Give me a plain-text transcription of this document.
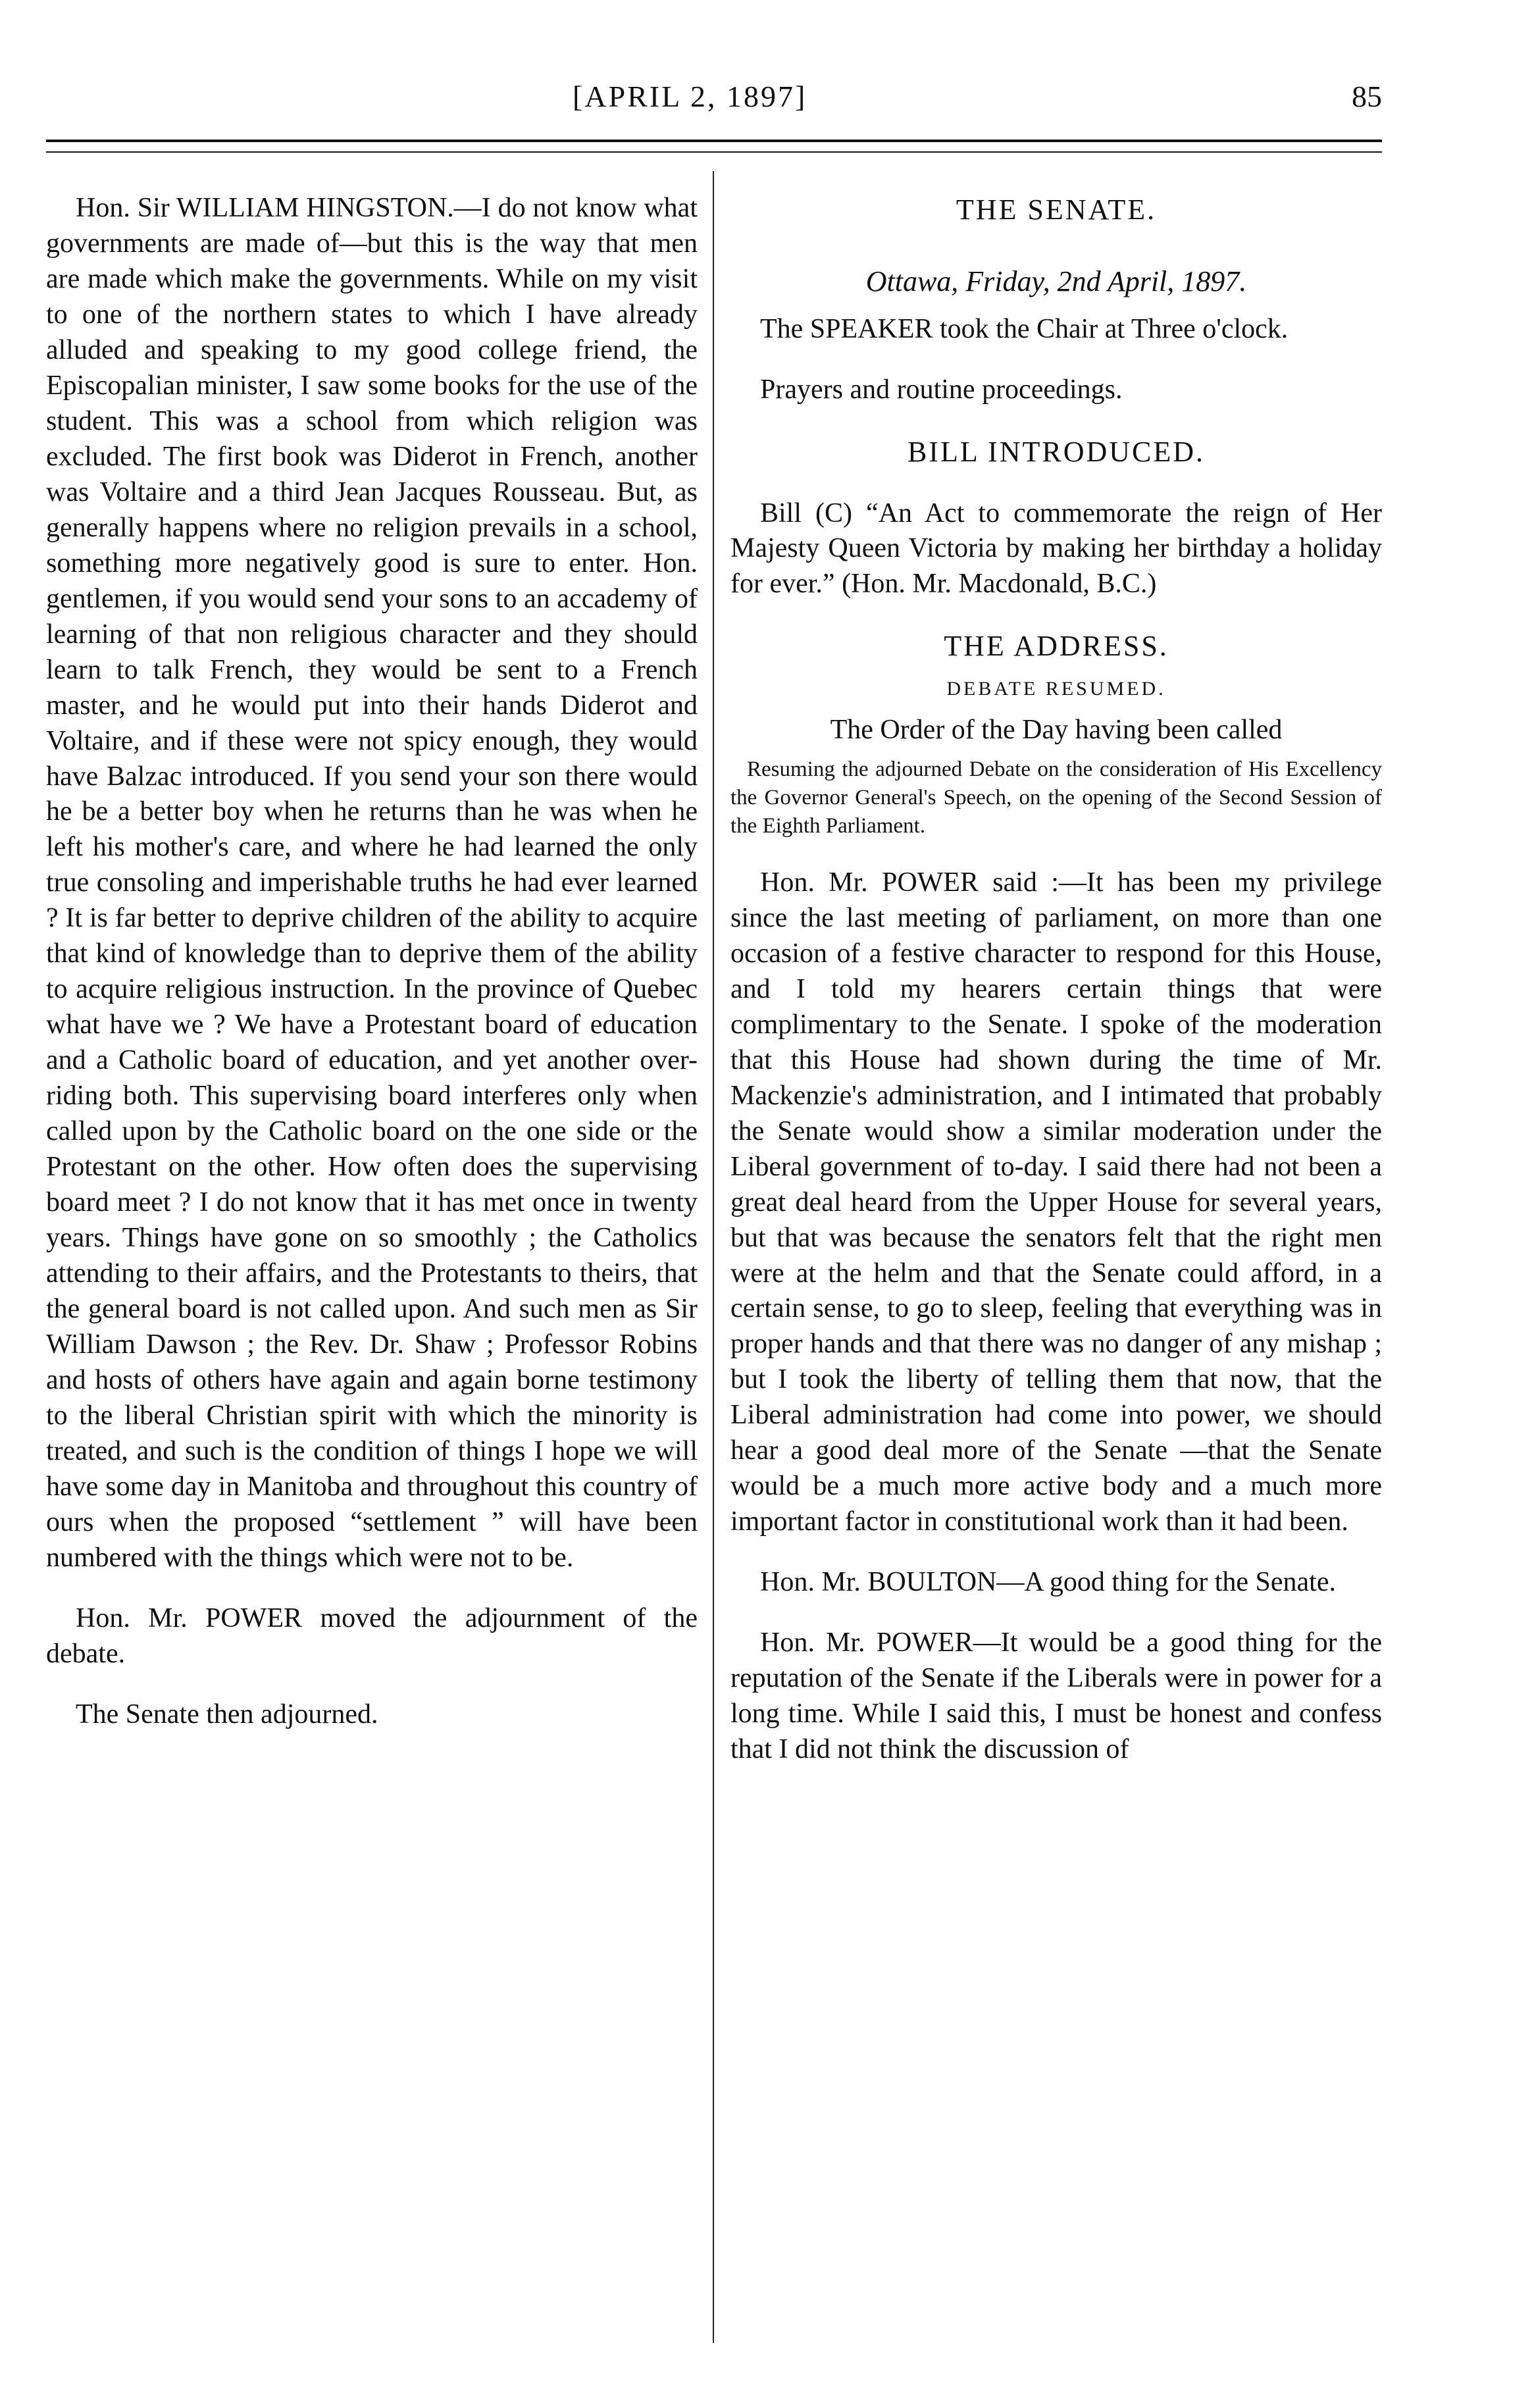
[APRIL 2, 1897]	85

Hon. Sir WILLIAM HINGSTON.—I do not know what governments are made of—but this is the way that men are made which make the governments. While on my visit to one of the northern states to which I have already alluded and speaking to my good college friend, the Episcopalian minister, I saw some books for the use of the student. This was a school from which religion was excluded. The first book was Diderot in French, another was Voltaire and a third Jean Jacques Rousseau. But, as generally happens where no religion prevails in a school, something more negatively good is sure to enter. Hon. gentlemen, if you would send your sons to an accademy of learning of that non religious character and they should learn to talk French, they would be sent to a French master, and he would put into their hands Diderot and Voltaire, and if these were not spicy enough, they would have Balzac introduced. If you send your son there would he be a better boy when he returns than he was when he left his mother's care, and where he had learned the only true consoling and imperishable truths he had ever learned ? It is far better to deprive children of the ability to acquire that kind of knowledge than to deprive them of the ability to acquire religious instruction. In the province of Quebec what have we ? We have a Protestant board of education and a Catholic board of education, and yet another over-riding both. This supervising board interferes only when called upon by the Catholic board on the one side or the Protestant on the other. How often does the supervising board meet ? I do not know that it has met once in twenty years. Things have gone on so smoothly ; the Catholics attending to their affairs, and the Protestants to theirs, that the general board is not called upon. And such men as Sir William Dawson ; the Rev. Dr. Shaw ; Professor Robins and hosts of others have again and again borne testimony to the liberal Christian spirit with which the minority is treated, and such is the condition of things I hope we will have some day in Manitoba and throughout this country of ours when the proposed “settlement ” will have been numbered with the things which were not to be.

Hon. Mr. POWER moved the adjournment of the debate.

The Senate then adjourned.

THE SENATE.
Ottawa, Friday, 2nd April, 1897.

The SPEAKER took the Chair at Three o'clock.

Prayers and routine proceedings.

BILL INTRODUCED.

Bill (C) “An Act to commemorate the reign of Her Majesty Queen Victoria by making her birthday a holiday for ever.” (Hon. Mr. Macdonald, B.C.)

THE ADDRESS.
DEBATE RESUMED.
The Order of the Day having been called
Resuming the adjourned Debate on the consideration of His Excellency the Governor General's Speech, on the opening of the Second Session of the Eighth Parliament.

Hon. Mr. POWER said :—It has been my privilege since the last meeting of parliament, on more than one occasion of a festive character to respond for this House, and I told my hearers certain things that were complimentary to the Senate. I spoke of the moderation that this House had shown during the time of Mr. Mackenzie's administration, and I intimated that probably the Senate would show a similar moderation under the Liberal government of to-day. I said there had not been a great deal heard from the Upper House for several years, but that was because the senators felt that the right men were at the helm and that the Senate could afford, in a certain sense, to go to sleep, feeling that everything was in proper hands and that there was no danger of any mishap ; but I took the liberty of telling them that now, that the Liberal administration had come into power, we should hear a good deal more of the Senate —that the Senate would be a much more active body and a much more important factor in constitutional work than it had been.

Hon. Mr. BOULTON—A good thing for the Senate.

Hon. Mr. POWER—It would be a good thing for the reputation of the Senate if the Liberals were in power for a long time. While I said this, I must be honest and confess that I did not think the discussion of
